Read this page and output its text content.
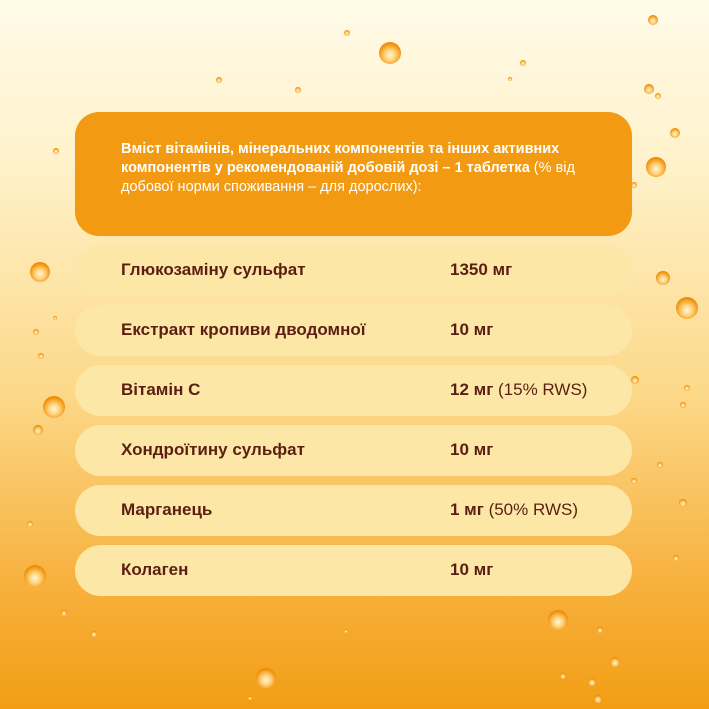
Вміст вітамінів, мінеральних компонентів та інших активних компонентів у рекомендованій добовій дозі – 1 таблетка (% від добової норми споживання – для дорослих):
Глюкозаміну сульфат	1350 мг
Екстракт кропиви дводомної	10 мг
Вітамін С	12 мг (15% RWS)
Хондроїтину сульфат	10 мг
Марганець	1 мг (50% RWS)
Колаген	10 мг
